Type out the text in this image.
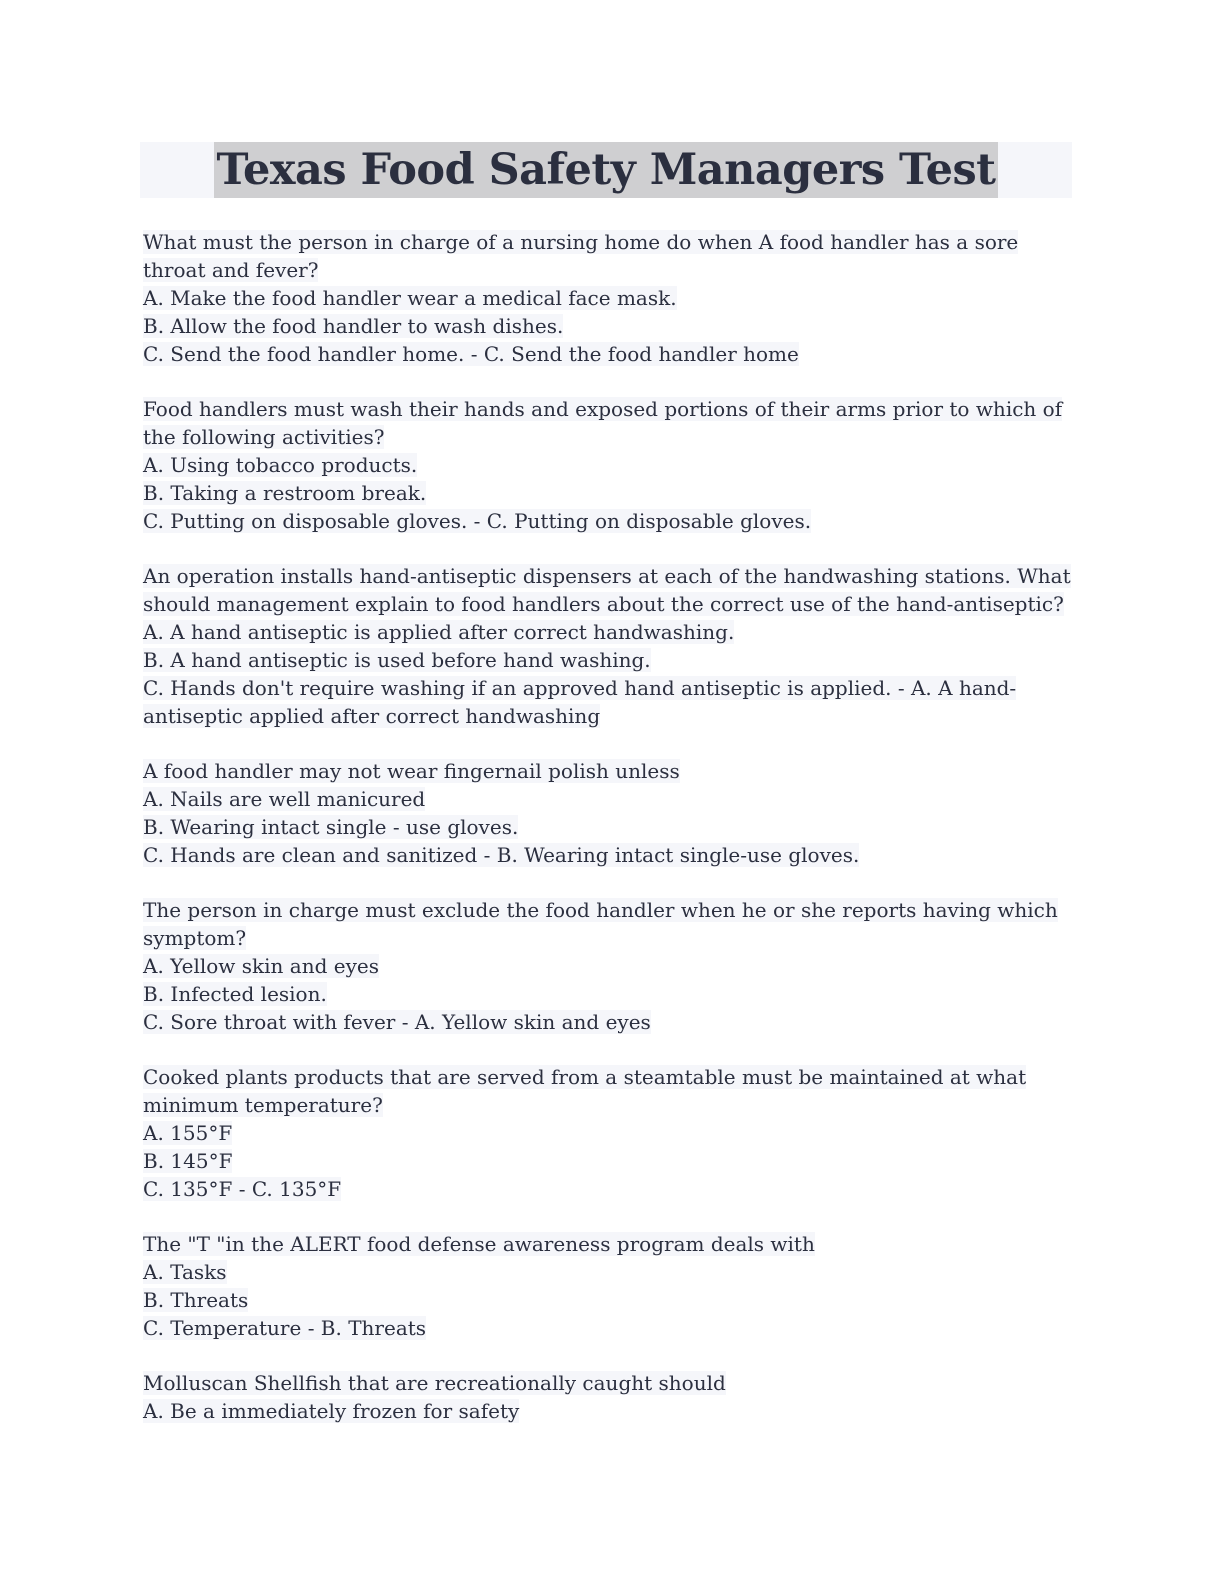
Texas Food Safety Managers Test
What must the person in charge of a nursing home do when A food handler has a sore
throat and fever?
A. Make the food handler wear a medical face mask.
B. Allow the food handler to wash dishes.
C. Send the food handler home. - C. Send the food handler home
Food handlers must wash their hands and exposed portions of their arms prior to which of
the following activities?
A. Using tobacco products.
B. Taking a restroom break.
C. Putting on disposable gloves. - C. Putting on disposable gloves.
An operation installs hand-antiseptic dispensers at each of the handwashing stations. What
should management explain to food handlers about the correct use of the hand-antiseptic?
A. A hand antiseptic is applied after correct handwashing.
B. A hand antiseptic is used before hand washing.
C. Hands don't require washing if an approved hand antiseptic is applied. - A. A hand-
antiseptic applied after correct handwashing
A food handler may not wear fingernail polish unless
A. Nails are well manicured
B. Wearing intact single - use gloves.
C. Hands are clean and sanitized - B. Wearing intact single-use gloves.
The person in charge must exclude the food handler when he or she reports having which
symptom?
A. Yellow skin and eyes
B. Infected lesion.
C. Sore throat with fever - A. Yellow skin and eyes
Cooked plants products that are served from a steamtable must be maintained at what
minimum temperature?
A. 155°F
B. 145°F
C. 135°F - C. 135°F
The "T "in the ALERT food defense awareness program deals with
A. Tasks
B. Threats
C. Temperature - B. Threats
Molluscan Shellfish that are recreationally caught should
A. Be a immediately frozen for safety
